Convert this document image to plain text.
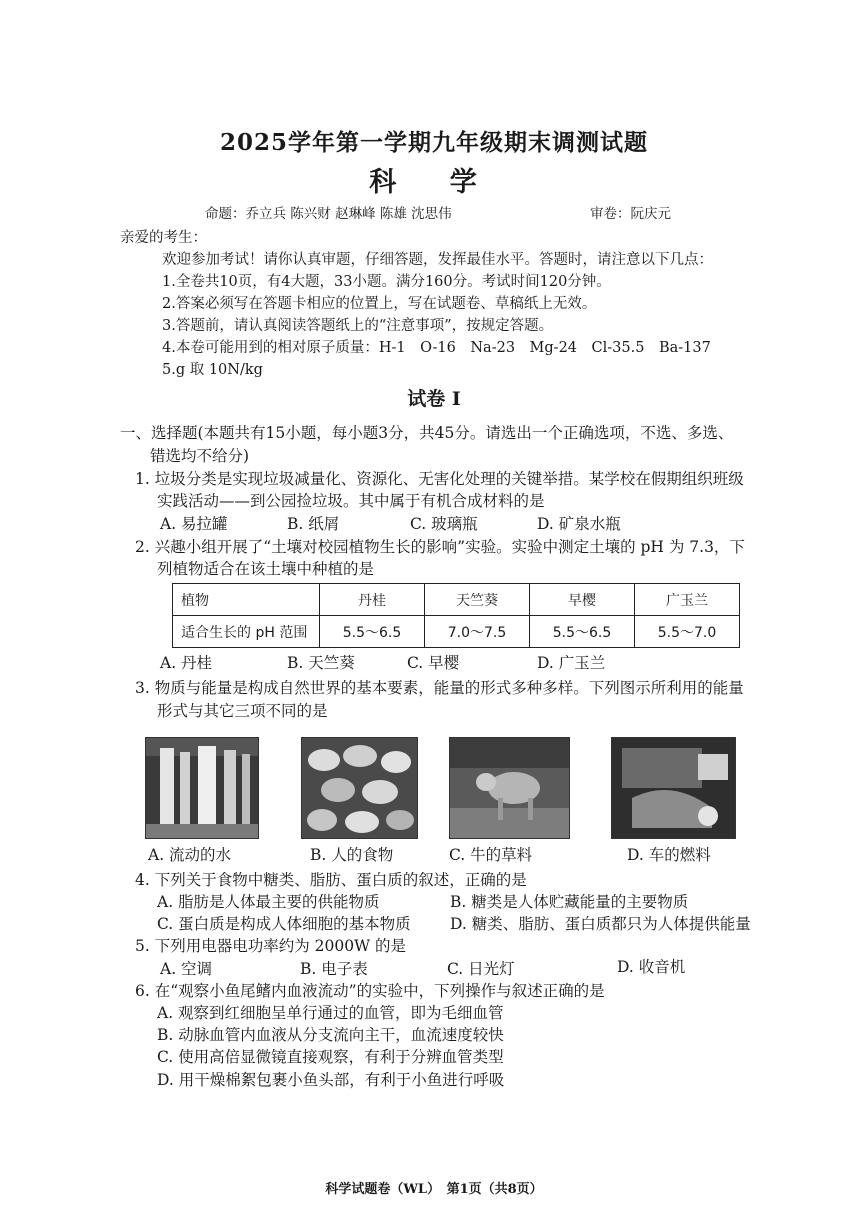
2025学年第一学期九年级期末调测试题
科 学
命题：乔立兵 陈兴财 赵琳峰 陈雄 沈思伟	审卷：阮庆元
亲爱的考生：
欢迎参加考试！请你认真审题，仔细答题，发挥最佳水平。答题时，请注意以下几点：
1.全卷共10页，有4大题，33小题。满分160分。考试时间120分钟。
2.答案必须写在答题卡相应的位置上，写在试题卷、草稿纸上无效。
3.答题前，请认真阅读答题纸上的“注意事项”，按规定答题。
4.本卷可能用到的相对原子质量：H-1　O-16　Na-23　Mg-24　Cl-35.5　Ba-137
5.g 取 10N/kg
试卷 I
一、选择题(本题共有15小题，每小题3分，共45分。请选出一个正确选项，不选、多选、
错选均不给分)
1. 垃圾分类是实现垃圾减量化、资源化、无害化处理的关键举措。某学校在假期组织班级
实践活动——到公园捡垃圾。其中属于有机合成材料的是
A. 易拉罐	B. 纸屑	C. 玻璃瓶	D. 矿泉水瓶
2. 兴趣小组开展了“土壤对校园植物生长的影响”实验。实验中测定土壤的 pH 为 7.3，下
列植物适合在该土壤中种植的是
植物	丹桂	天竺葵	早樱	广玉兰
适合生长的 pH 范围	5.5～6.5	7.0～7.5	5.5～6.5	5.5～7.0
A. 丹桂	B. 天竺葵	C. 早樱	D. 广玉兰
3. 物质与能量是构成自然世界的基本要素，能量的形式多种多样。下列图示所利用的能量
形式与其它三项不同的是
A. 流动的水	B. 人的食物	C. 牛的草料	D. 车的燃料
4. 下列关于食物中糖类、脂肪、蛋白质的叙述，正确的是
A. 脂肪是人体最主要的供能物质	B. 糖类是人体贮藏能量的主要物质
C. 蛋白质是构成人体细胞的基本物质	D. 糖类、脂肪、蛋白质都只为人体提供能量
5. 下列用电器电功率约为 2000W 的是
A. 空调	B. 电子表	C. 日光灯	D. 收音机
6. 在“观察小鱼尾鳍内血液流动”的实验中，下列操作与叙述正确的是
A. 观察到红细胞呈单行通过的血管，即为毛细血管
B. 动脉血管内血液从分支流向主干，血流速度较快
C. 使用高倍显微镜直接观察，有利于分辨血管类型
D. 用干燥棉絮包裹小鱼头部，有利于小鱼进行呼吸
科学试题卷（WL）　第1页（共8页）
